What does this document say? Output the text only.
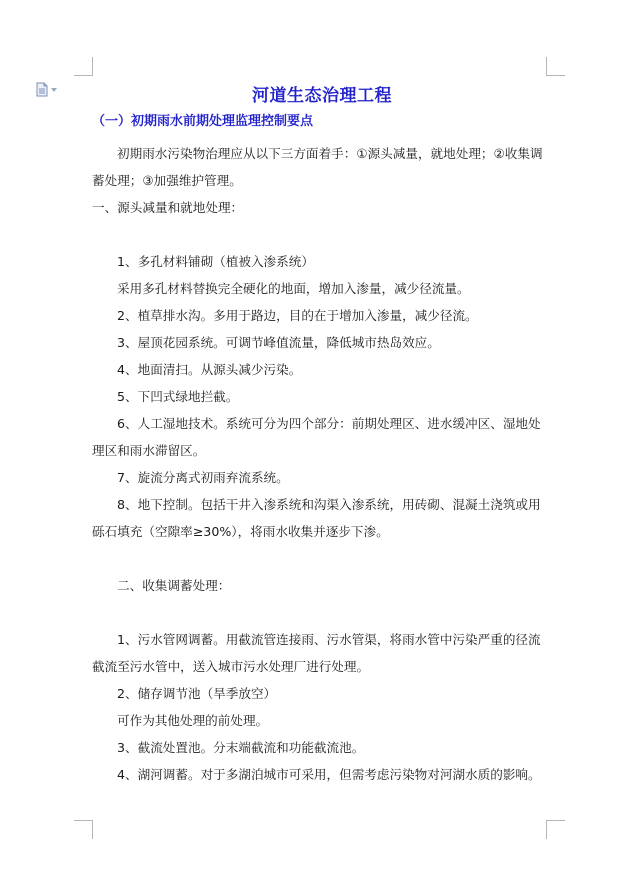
河道生态治理工程
（一）初期雨水前期处理监理控制要点

初期雨水污染物治理应从以下三方面着手：①源头减量，就地处理；②收集调

蓄处理；③加强维护管理。

一、源头减量和就地处理：

1、多孔材料铺砌（植被入渗系统）

采用多孔材料替换完全硬化的地面，增加入渗量，减少径流量。

2、植草排水沟。多用于路边，目的在于增加入渗量，减少径流。

3、屋顶花园系统。可调节峰值流量，降低城市热岛效应。

4、地面清扫。从源头减少污染。

5、下凹式绿地拦截。

6、人工湿地技术。系统可分为四个部分：前期处理区、进水缓冲区、湿地处

理区和雨水滞留区。

7、旋流分离式初雨弃流系统。

8、地下控制。包括干井入渗系统和沟渠入渗系统，用砖砌、混凝土浇筑或用

砾石填充（空隙率≥30%），将雨水收集并逐步下渗。

二、收集调蓄处理：

1、污水管网调蓄。用截流管连接雨、污水管渠，将雨水管中污染严重的径流

截流至污水管中，送入城市污水处理厂进行处理。

2、储存调节池（旱季放空）

可作为其他处理的前处理。

3、截流处置池。分末端截流和功能截流池。

4、湖河调蓄。对于多湖泊城市可采用，但需考虑污染物对河湖水质的影响。
